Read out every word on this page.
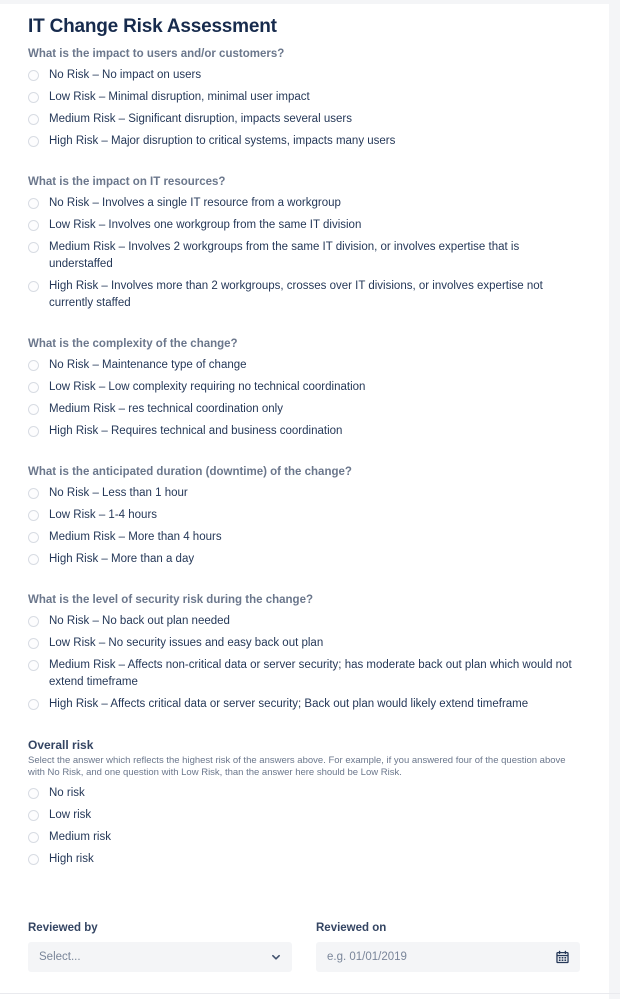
IT Change Risk Assessment
What is the impact to users and/or customers?
No Risk – No impact on users
Low Risk – Minimal disruption, minimal user impact
Medium Risk – Significant disruption, impacts several users
High Risk – Major disruption to critical systems, impacts many users
What is the impact on IT resources?
No Risk – Involves a single IT resource from a workgroup
Low Risk – Involves one workgroup from the same IT division
Medium Risk – Involves 2 workgroups from the same IT division, or involves expertise that is understaffed
High Risk – Involves more than 2 workgroups, crosses over IT divisions, or involves expertise not currently staffed
What is the complexity of the change?
No Risk – Maintenance type of change
Low Risk – Low complexity requiring no technical coordination
Medium Risk – res technical coordination only
High Risk – Requires technical and business coordination
What is the anticipated duration (downtime) of the change?
No Risk – Less than 1 hour
Low Risk – 1-4 hours
Medium Risk – More than 4 hours
High Risk – More than a day
What is the level of security risk during the change?
No Risk – No back out plan needed
Low Risk – No security issues and easy back out plan
Medium Risk – Affects non-critical data or server security; has moderate back out plan which would not extend timeframe
High Risk – Affects critical data or server security; Back out plan would likely extend timeframe
Overall risk
Select the answer which reflects the highest risk of the answers above. For example, if you answered four of the question above with No Risk, and one question with Low Risk, than the answer here should be Low Risk.
No risk
Low risk
Medium risk
High risk
Reviewed by
Select...
Reviewed on
e.g. 01/01/2019
